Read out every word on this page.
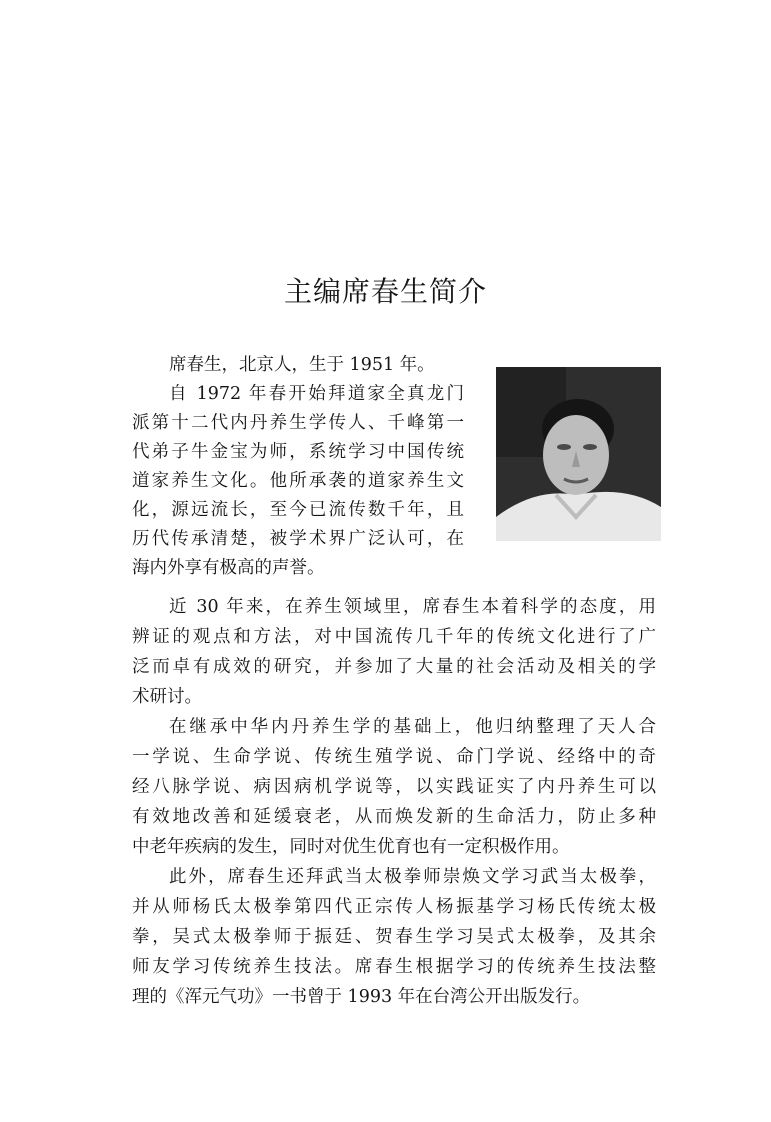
主编席春生简介
席春生，北京人，生于 1951 年。
自 1972 年春开始拜道家全真龙门
派第十二代内丹养生学传人、千峰第一
代弟子牛金宝为师，系统学习中国传统
道家养生文化。他所承袭的道家养生文
化，源远流长，至今已流传数千年，且
历代传承清楚，被学术界广泛认可，在
海内外享有极高的声誉。
近 30 年来，在养生领域里，席春生本着科学的态度，用
辨证的观点和方法，对中国流传几千年的传统文化进行了广
泛而卓有成效的研究，并参加了大量的社会活动及相关的学
术研讨。
在继承中华内丹养生学的基础上，他归纳整理了天人合
一学说、生命学说、传统生殖学说、命门学说、经络中的奇
经八脉学说、病因病机学说等，以实践证实了内丹养生可以
有效地改善和延缓衰老，从而焕发新的生命活力，防止多种
中老年疾病的发生，同时对优生优育也有一定积极作用。
此外，席春生还拜武当太极拳师崇焕文学习武当太极拳，
并从师杨氏太极拳第四代正宗传人杨振基学习杨氏传统太极
拳，吴式太极拳师于振廷、贺春生学习吴式太极拳，及其余
师友学习传统养生技法。席春生根据学习的传统养生技法整
理的《浑元气功》一书曾于 1993 年在台湾公开出版发行。
